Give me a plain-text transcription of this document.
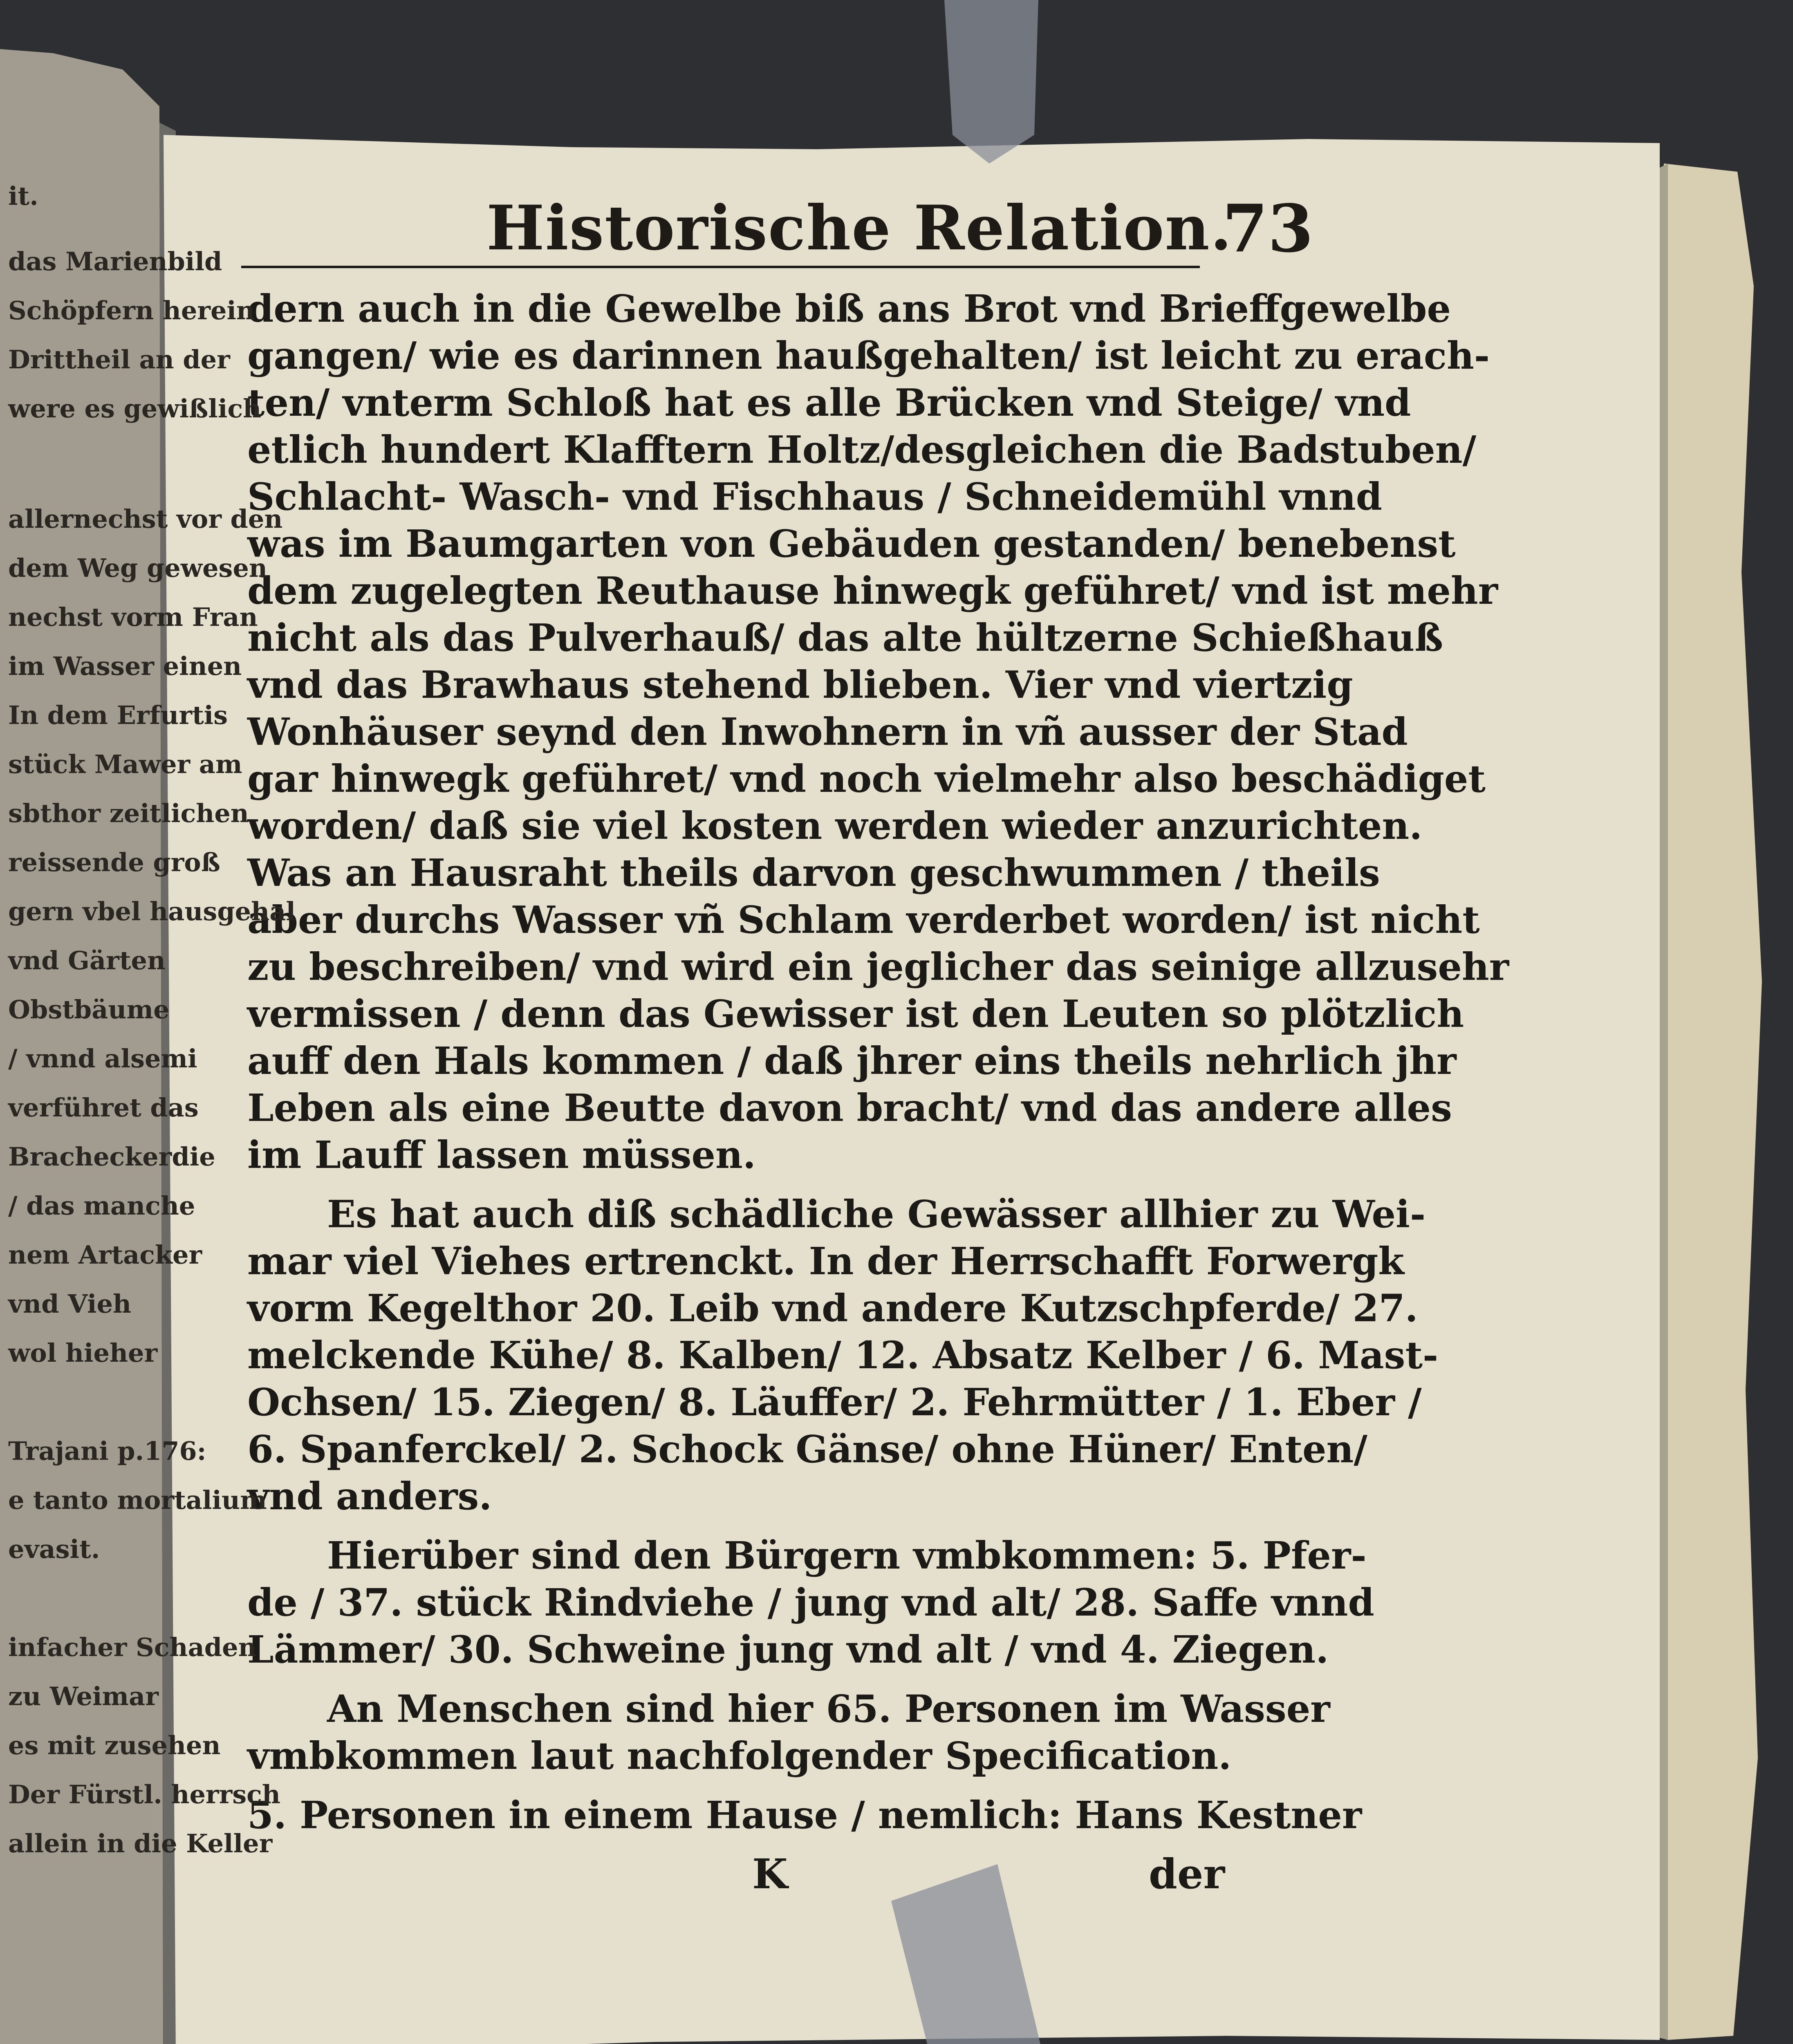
Historische Relation.
73
dern auch in die Gewelbe biß ans Brot vnd Brieffgewelbe
gangen/ wie es darinnen haußgehalten/ ist leicht zu erach-
ten/ vnterm Schloß hat es alle Brücken vnd Steige/ vnd
etlich hundert Klafftern Holtz/desgleichen die Badstuben/
Schlacht- Wasch- vnd Fischhaus / Schneidemühl vnnd
was im Baumgarten von Gebäuden gestanden/ benebenst
dem zugelegten Reuthause hinwegk geführet/ vnd ist mehr
nicht als das Pulverhauß/ das alte hültzerne Schießhauß
vnd das Brawhaus stehend blieben. Vier vnd viertzig
Wonhäuser seynd den Inwohnern in vñ ausser der Stad
gar hinwegk geführet/ vnd noch vielmehr also beschädiget
worden/ daß sie viel kosten werden wieder anzurichten.
Was an Hausraht theils darvon geschwummen / theils
aber durchs Wasser vñ Schlam verderbet worden/ ist nicht
zu beschreiben/ vnd wird ein jeglicher das seinige allzusehr
vermissen / denn das Gewisser ist den Leuten so plötzlich
auff den Hals kommen / daß jhrer eins theils nehrlich jhr
Leben als eine Beutte davon bracht/ vnd das andere alles
im Lauff lassen müssen.
Es hat auch diß schädliche Gewässer allhier zu Wei-
mar viel Viehes ertrenckt. In der Herrschafft Forwergk
vorm Kegelthor 20. Leib vnd andere Kutzschpferde/ 27.
melckende Kühe/ 8. Kalben/ 12. Absatz Kelber / 6. Mast-
Ochsen/ 15. Ziegen/ 8. Läuffer/ 2. Fehrmütter / 1. Eber /
6. Spanferckel/ 2. Schock Gänse/ ohne Hüner/ Enten/
vnd anders.
Hierüber sind den Bürgern vmbkommen: 5. Pfer-
de / 37. stück Rindviehe / jung vnd alt/ 28. Saffe vnnd
Lämmer/ 30. Schweine jung vnd alt / vnd 4. Ziegen.
An Menschen sind hier 65. Personen im Wasser
vmbkommen laut nachfolgender Specification.
5. Personen in einem Hause / nemlich: Hans Kestner
K	der
it.
das Marienbild
Schöpfern herein
Drittheil an der
were es gewißlich
allernechst vor den
dem Weg gewesen
nechst vorm Fran
im Wasser einen
In dem Erfurtis
stück Mawer am
sbthor zeitlichen
reissende groß
gern vbel hausgehal
vnd Gärten
Obstbäume
/ vnnd alsemi
verführet das
Bracheckerdie
/ das manche
nem Artacker
vnd Vieh
wol hieher
Trajani p.176:
e tanto mortalium
evasit.
infacher Schaden
zu Weimar
es mit zusehen
Der Fürstl. herrsch
allein in die Keller
